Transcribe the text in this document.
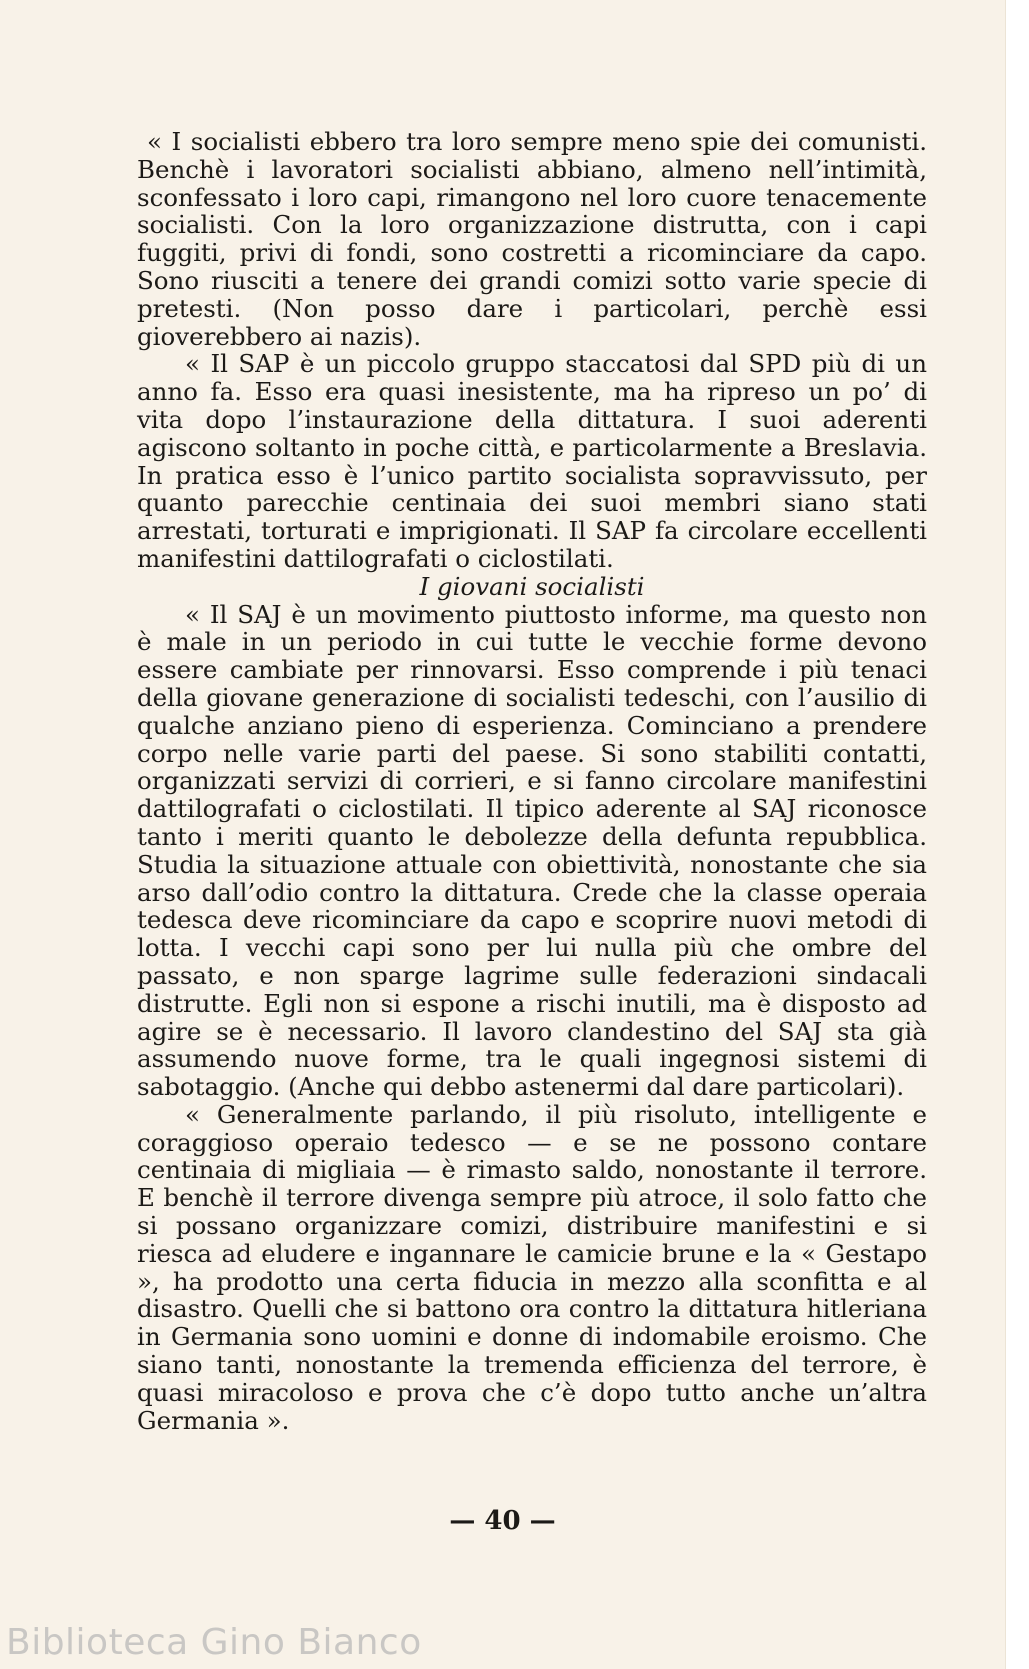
« I socialisti ebbero tra loro sempre meno spie dei comunisti. Benchè i lavoratori socialisti abbiano, almeno nell’intimità, sconfessato i loro capi, rimangono nel loro cuore tenacemente socialisti. Con la loro organizzazione distrutta, con i capi fuggiti, privi di fondi, sono costretti a ricominciare da capo. Sono riusciti a tenere dei grandi comizi sotto varie specie di pretesti. (Non posso dare i particolari, perchè essi gioverebbero ai nazis).

« Il SAP è un piccolo gruppo staccatosi dal SPD più di un anno fa. Esso era quasi inesistente, ma ha ripreso un po’ di vita dopo l’instaurazione della dittatura. I suoi aderenti agiscono soltanto in poche città, e particolarmente a Breslavia. In pratica esso è l’unico partito socialista sopravvissuto, per quanto parecchie centinaia dei suoi membri siano stati arrestati, torturati e imprigionati. Il SAP fa circolare eccellenti manifestini dattilografati o ciclostilati.

I giovani socialisti

« Il SAJ è un movimento piuttosto informe, ma questo non è male in un periodo in cui tutte le vecchie forme devono essere cambiate per rinnovarsi. Esso comprende i più tenaci della giovane generazione di socialisti tedeschi, con l’ausilio di qualche anziano pieno di esperienza. Cominciano a prendere corpo nelle varie parti del paese. Si sono stabiliti contatti, organizzati servizi di corrieri, e si fanno circolare manifestini dattilografati o ciclostilati. Il tipico aderente al SAJ riconosce tanto i meriti quanto le debolezze della defunta repubblica. Studia la situazione attuale con obiettività, nonostante che sia arso dall’odio contro la dittatura. Crede che la classe operaia tedesca deve ricominciare da capo e scoprire nuovi metodi di lotta. I vecchi capi sono per lui nulla più che ombre del passato, e non sparge lagrime sulle federazioni sindacali distrutte. Egli non si espone a rischi inutili, ma è disposto ad agire se è necessario. Il lavoro clandestino del SAJ sta già assumendo nuove forme, tra le quali ingegnosi sistemi di sabotaggio. (Anche qui debbo astenermi dal dare particolari).

« Generalmente parlando, il più risoluto, intelligente e coraggioso operaio tedesco — e se ne possono contare centinaia di migliaia — è rimasto saldo, nonostante il terrore. E benchè il terrore divenga sempre più atroce, il solo fatto che si possano organizzare comizi, distribuire manifestini e si riesca ad eludere e ingannare le camicie brune e la « Gestapo », ha prodotto una certa fiducia in mezzo alla sconfitta e al disastro. Quelli che si battono ora contro la dittatura hitleriana in Germania sono uomini e donne di indomabile eroismo. Che siano tanti, nonostante la tremenda efficienza del terrore, è quasi miracoloso e prova che c’è dopo tutto anche un’altra Germania ».

— 40 —
Biblioteca Gino Bianco
